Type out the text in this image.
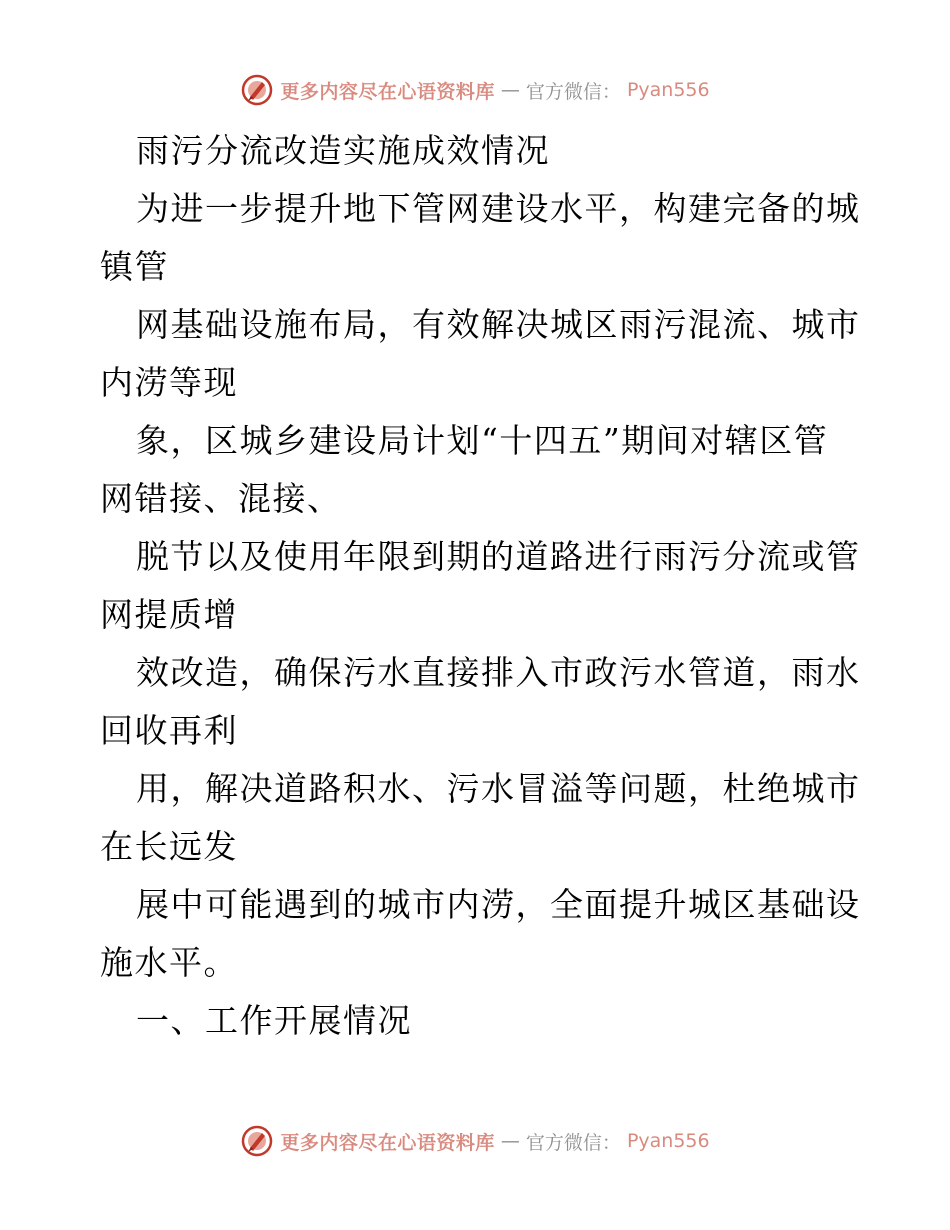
更多内容尽在心语资料库 — 官方微信： Pyan556
雨污分流改造实施成效情况
为进一步提升地下管网建设水平，构建完备的城
镇管
网基础设施布局，有效解决城区雨污混流、城市
内涝等现
象，区城乡建设局计划“十四五”期间对辖区管
网错接、混接、
脱节以及使用年限到期的道路进行雨污分流或管
网提质增
效改造，确保污水直接排入市政污水管道，雨水
回收再利
用，解决道路积水、污水冒溢等问题，杜绝城市
在长远发
展中可能遇到的城市内涝，全面提升城区基础设
施水平。
一、工作开展情况
更多内容尽在心语资料库 — 官方微信： Pyan556
